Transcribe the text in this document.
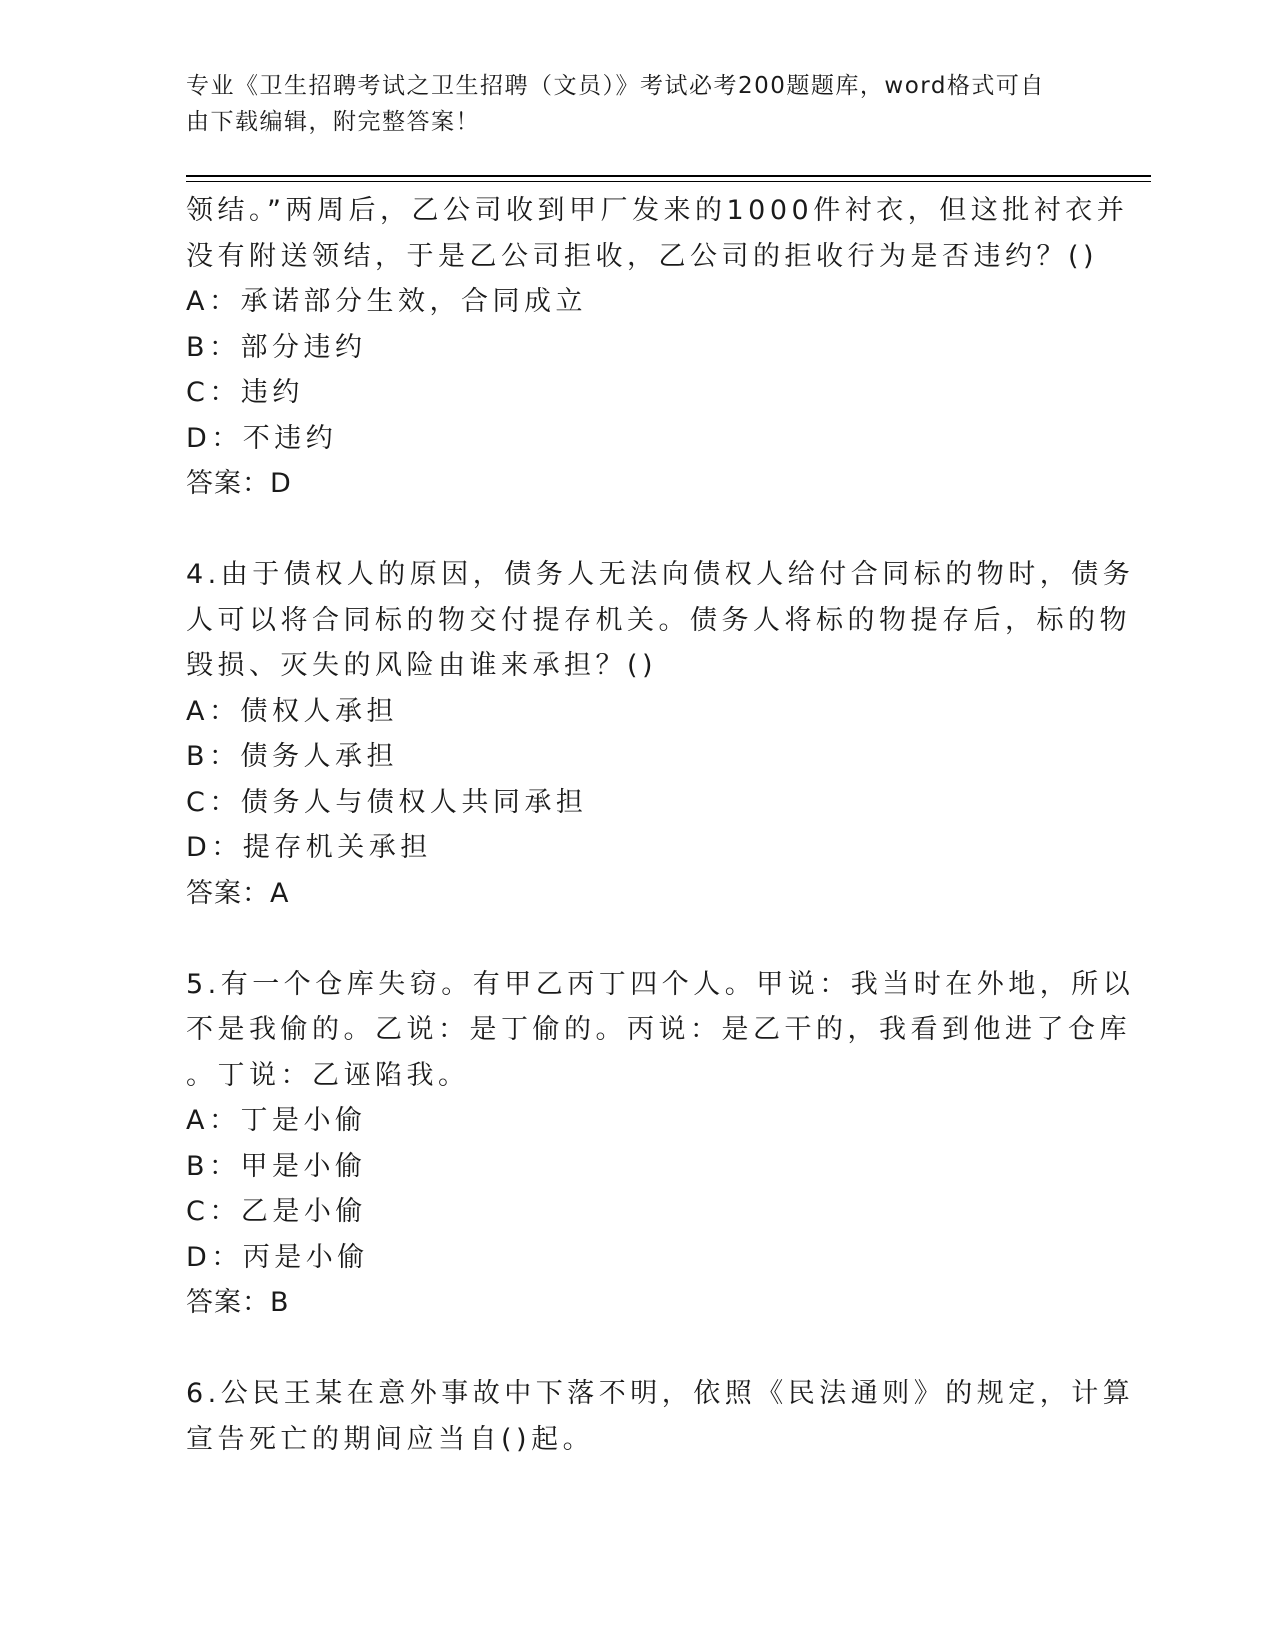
专业《卫生招聘考试之卫生招聘（文员）》考试必考200题题库，word格式可自
由下载编辑，附完整答案！
领结。”两周后，乙公司收到甲厂发来的1000件衬衣，但这批衬衣并
没有附送领结，于是乙公司拒收，乙公司的拒收行为是否违约？()
A：承诺部分生效，合同成立
B：部分违约
C：违约
D：不违约
答案：D
4.由于债权人的原因，债务人无法向债权人给付合同标的物时，债务
人可以将合同标的物交付提存机关。债务人将标的物提存后，标的物
毁损、灭失的风险由谁来承担？()
A：债权人承担
B：债务人承担
C：债务人与债权人共同承担
D：提存机关承担
答案：A
5.有一个仓库失窃。有甲乙丙丁四个人。甲说：我当时在外地，所以
不是我偷的。乙说：是丁偷的。丙说：是乙干的，我看到他进了仓库
。丁说：乙诬陷我。
A：丁是小偷
B：甲是小偷
C：乙是小偷
D：丙是小偷
答案：B
6.公民王某在意外事故中下落不明，依照《民法通则》的规定，计算
宣告死亡的期间应当自()起。
